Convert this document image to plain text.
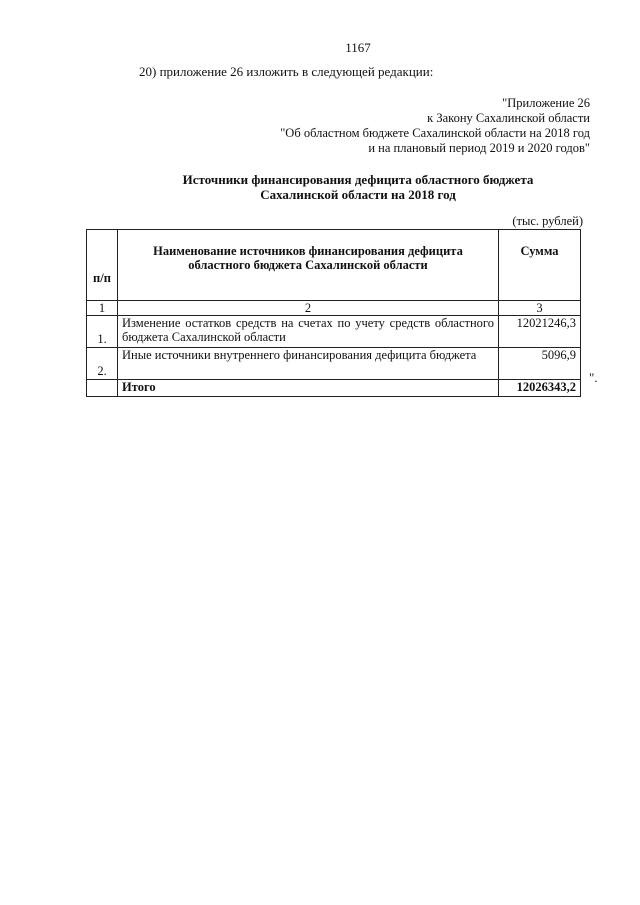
1167
20) приложение 26 изложить в следующей редакции:
"Приложение 26
к Закону Сахалинской области
"Об областном бюджете Сахалинской области на 2018 год
и на плановый период 2019 и 2020 годов"
Источники финансирования дефицита областного бюджета
Сахалинской области на 2018 год
(тыс. рублей)
п/п	Наименование источников финансирования дефицита областного бюджета Сахалинской области	Сумма
1	2	3
1.	Изменение остатков средств на счетах по учету средств областного бюджета Сахалинской области	12021246,3
2.	Иные источники внутреннего финансирования дефицита бюджета	5096,9
	Итого	12026343,2
".
